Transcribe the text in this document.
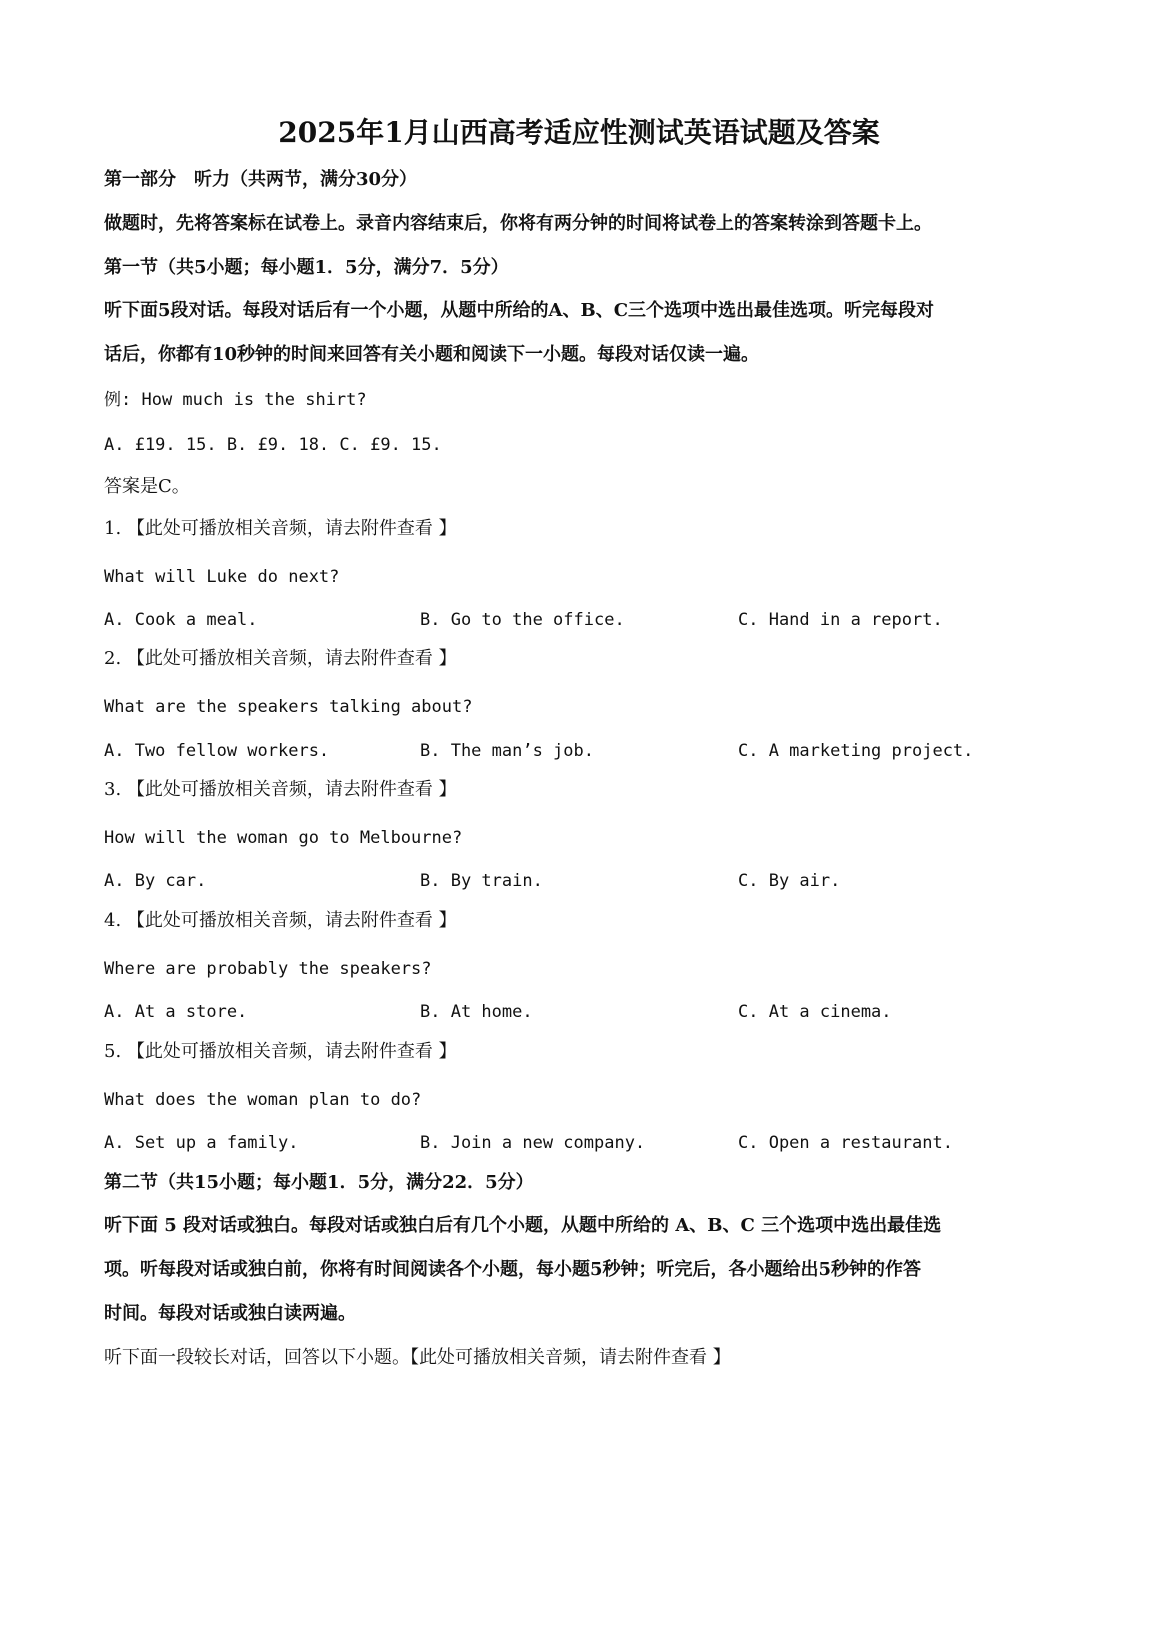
2025年1月山西高考适应性测试英语试题及答案
第一部分　听力（共两节，满分30分）
做题时，先将答案标在试卷上。录音内容结束后，你将有两分钟的时间将试卷上的答案转涂到答题卡上。
第一节（共5小题；每小题1．5分，满分7．5分）
听下面5段对话。每段对话后有一个小题，从题中所给的A、B、C三个选项中选出最佳选项。听完每段对
话后，你都有10秒钟的时间来回答有关小题和阅读下一小题。每段对话仅读一遍。
例: How much is the shirt?
A. £19. 15. B. £9. 18. C. £9. 15.
答案是C。
1. 【此处可播放相关音频，请去附件查看 】
What will Luke do next?
A. Cook a meal.	B. Go to the office.	C. Hand in a report.
2. 【此处可播放相关音频，请去附件查看 】
What are the speakers talking about?
A. Two fellow workers.	B. The man’s job.	C. A marketing project.
3. 【此处可播放相关音频，请去附件查看 】
How will the woman go to Melbourne?
A. By car.	B. By train.	C. By air.
4. 【此处可播放相关音频，请去附件查看 】
Where are probably the speakers?
A. At a store.	B. At home.	C. At a cinema.
5. 【此处可播放相关音频，请去附件查看 】
What does the woman plan to do?
A. Set up a family.	B. Join a new company.	C. Open a restaurant.
第二节（共15小题；每小题1．5分，满分22．5分）
听下面 5 段对话或独白。每段对话或独白后有几个小题，从题中所给的 A、B、C 三个选项中选出最佳选
项。听每段对话或独白前，你将有时间阅读各个小题，每小题5秒钟；听完后，各小题给出5秒钟的作答
时间。每段对话或独白读两遍。
听下面一段较长对话，回答以下小题。【此处可播放相关音频，请去附件查看 】
